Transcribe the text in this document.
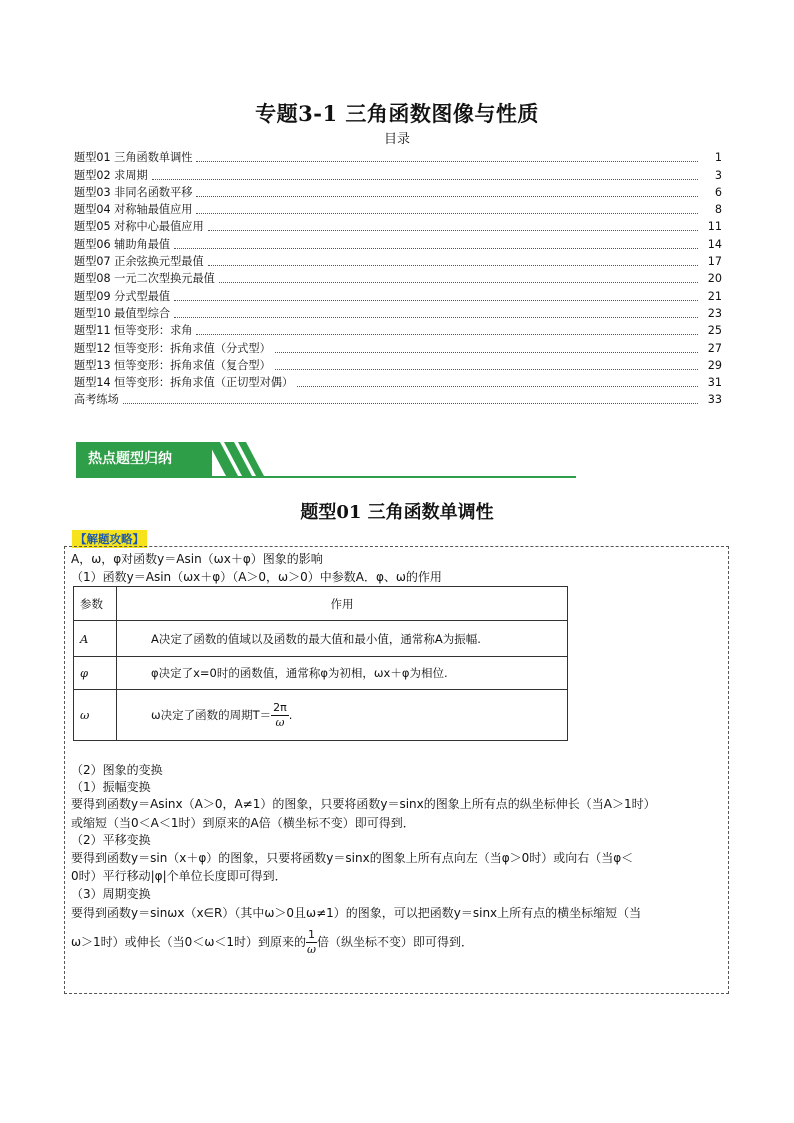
专题3-1 三角函数图像与性质
目录
题型01 三角函数单调性	1
题型02 求周期	3
题型03 非同名函数平移	6
题型04 对称轴最值应用	8
题型05 对称中心最值应用	11
题型06 辅助角最值	14
题型07 正余弦换元型最值	17
题型08 一元二次型换元最值	20
题型09 分式型最值	21
题型10 最值型综合	23
题型11 恒等变形：求角	25
题型12 恒等变形：拆角求值（分式型）	27
题型13 恒等变形：拆角求值（复合型）	29
题型14 恒等变形：拆角求值（正切型对偶）	31
高考练场	33
热点题型归纳
题型01 三角函数单调性
【解题攻略】
A，ω，φ对函数y＝Asin（ωx＋φ）图象的影响
（1）函数y＝Asin（ωx＋φ）（A＞0，ω＞0）中参数A．φ、ω的作用
参数	作用
A	A决定了函数的值域以及函数的最大值和最小值，通常称A为振幅.
φ	φ决定了x=0时的函数值，通常称φ为初相，ωx＋φ为相位.
ω	ω决定了函数的周期$T= \frac{2\pi}{\omega}$ .
（2）图象的变换
（1）振幅变换
要得到函数y＝Asinx（A＞0，A≠1）的图象，只要将函数y＝sinx的图象上所有点的纵坐标伸长（当A＞1时）
或缩短（当0＜A＜1时）到原来的A倍（横坐标不变）即可得到．
（2）平移变换
要得到函数y＝sin（x＋φ）的图象，只要将函数y＝sinx的图象上所有点向左（当φ＞0时）或向右（当φ＜
0时）平行移动|φ|个单位长度即可得到．
（3）周期变换
要得到函数y＝sinωx（x∈R）（其中ω＞0且ω≠1）的图象，可以把函数y＝sinx上所有点的横坐标缩短（当
ω＞1时）或伸长（当0＜ω＜1时）到原来的 $\frac{1}{\omega}$ 倍（纵坐标不变）即可得到．
